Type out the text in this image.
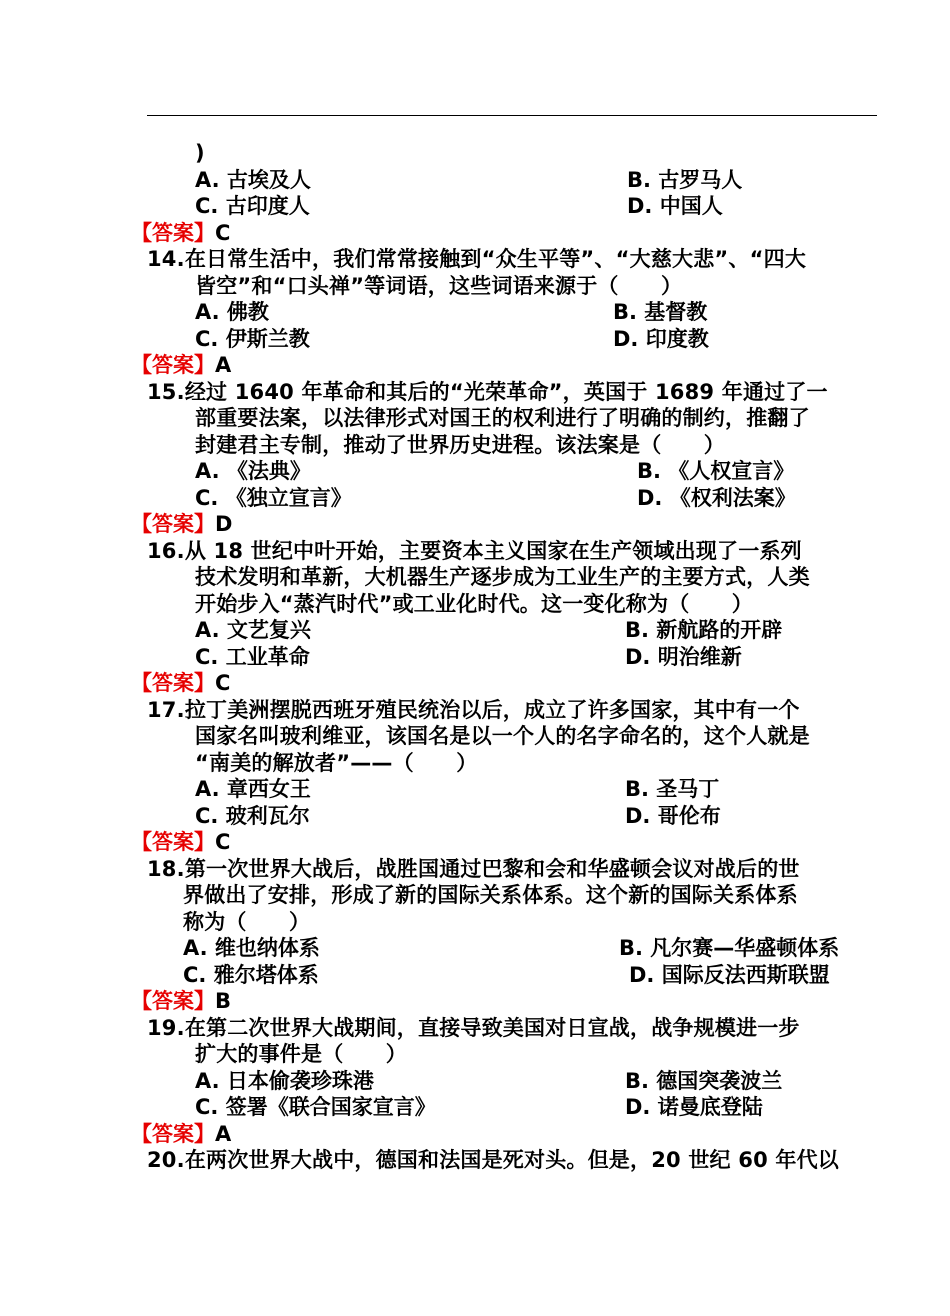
)
A. 古埃及人	B. 古罗马人
C. 古印度人	D. 中国人
【答案】C
14.在日常生活中，我们常常接触到“众生平等”、“大慈大悲”、“四大
皆空”和“口头禅”等词语，这些词语来源于（　　）
A. 佛教	B. 基督教
C. 伊斯兰教	D. 印度教
【答案】A
15.经过 1640 年革命和其后的“光荣革命”，英国于 1689 年通过了一
部重要法案，以法律形式对国王的权利进行了明确的制约，推翻了
封建君主专制，推动了世界历史进程。该法案是（　　）
A. 《法典》	B. 《人权宣言》
C. 《独立宣言》	D. 《权利法案》
【答案】D
16.从 18 世纪中叶开始，主要资本主义国家在生产领域出现了一系列
技术发明和革新，大机器生产逐步成为工业生产的主要方式，人类
开始步入“蒸汽时代”或工业化时代。这一变化称为（　　）
A. 文艺复兴	B. 新航路的开辟
C. 工业革命	D. 明治维新
【答案】C
17.拉丁美洲摆脱西班牙殖民统治以后，成立了许多国家，其中有一个
国家名叫玻利维亚，该国名是以一个人的名字命名的，这个人就是
“南美的解放者”——（　　）
A. 章西女王	B. 圣马丁
C. 玻利瓦尔	D. 哥伦布
【答案】C
18.第一次世界大战后，战胜国通过巴黎和会和华盛顿会议对战后的世
界做出了安排，形成了新的国际关系体系。这个新的国际关系体系
称为（　　）
A. 维也纳体系	B. 凡尔赛—华盛顿体系
C. 雅尔塔体系	D. 国际反法西斯联盟
【答案】B
19.在第二次世界大战期间，直接导致美国对日宣战，战争规模进一步
扩大的事件是（　　）
A. 日本偷袭珍珠港	B. 德国突袭波兰
C. 签署《联合国家宣言》	D. 诺曼底登陆
【答案】A
20.在两次世界大战中，德国和法国是死对头。但是，20 世纪 60 年代以
